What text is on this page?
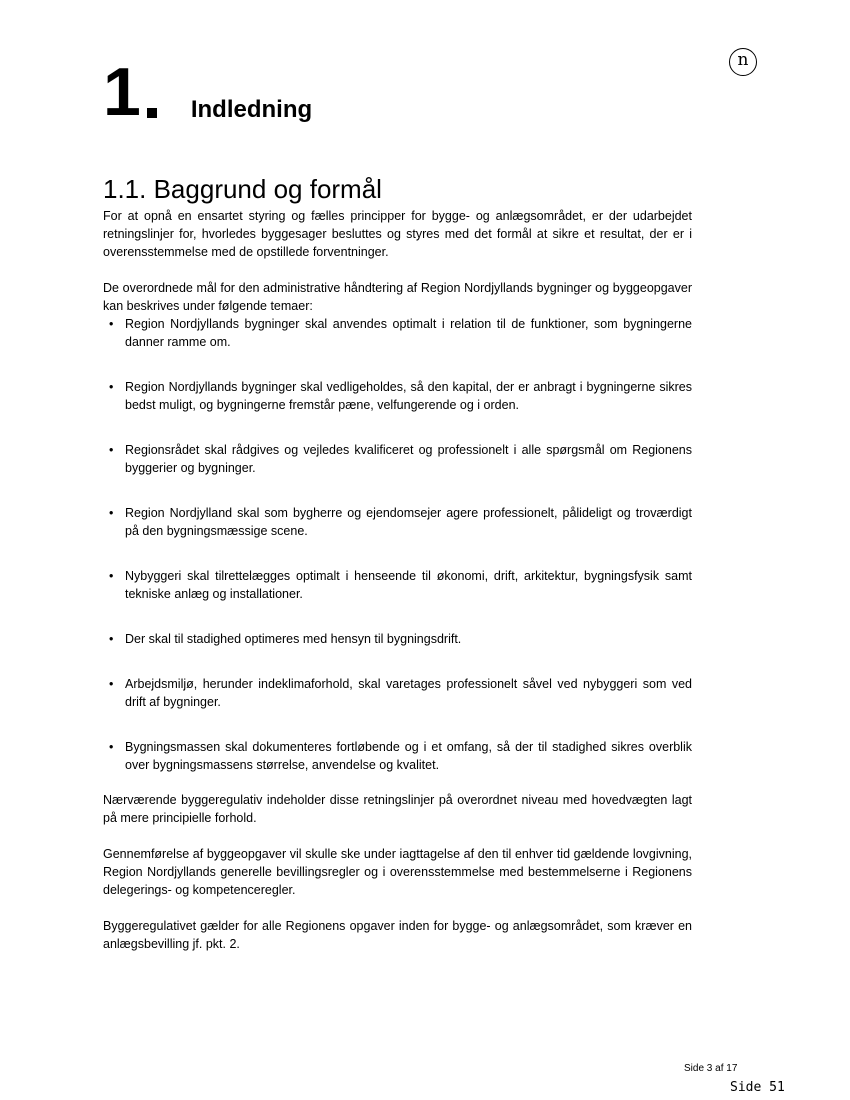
n
1 Indledning
1.1. Baggrund og formål

For at opnå en ensartet styring og fælles principper for bygge- og anlægsområdet, er der udarbejdet retningslinjer for, hvorledes byggesager besluttes og styres med det formål at sikre et resultat, der er i overensstemmelse med de opstillede forventninger.

De overordnede mål for den administrative håndtering af Region Nordjyllands bygninger og byggeopgaver kan beskrives under følgende temaer:

• Region Nordjyllands bygninger skal anvendes optimalt i relation til de funktioner, som bygningerne danner ramme om.
• Region Nordjyllands bygninger skal vedligeholdes, så den kapital, der er anbragt i bygningerne sikres bedst muligt, og bygningerne fremstår pæne, velfungerende og i orden.
• Regionsrådet skal rådgives og vejledes kvalificeret og professionelt i alle spørgsmål om Regionens byggerier og bygninger.
• Region Nordjylland skal som bygherre og ejendomsejer agere professionelt, pålideligt og troværdigt på den bygningsmæssige scene.
• Nybyggeri skal tilrettelægges optimalt i henseende til økonomi, drift, arkitektur, bygningsfysik samt tekniske anlæg og installationer.
• Der skal til stadighed optimeres med hensyn til bygningsdrift.
• Arbejdsmiljø, herunder indeklimaforhold, skal varetages professionelt såvel ved nybyggeri som ved drift af bygninger.
• Bygningsmassen skal dokumenteres fortløbende og i et omfang, så der til stadighed sikres overblik over bygningsmassens størrelse, anvendelse og kvalitet.

Nærværende byggeregulativ indeholder disse retningslinjer på overordnet niveau med hovedvægten lagt på mere principielle forhold.

Gennemførelse af byggeopgaver vil skulle ske under iagttagelse af den til enhver tid gældende lovgivning, Region Nordjyllands generelle bevillingsregler og i overensstemmelse med bestemmelserne i Regionens delegerings- og kompetenceregler.

Byggeregulativet gælder for alle Regionens opgaver inden for bygge- og anlægsområdet, som kræver en anlægsbevilling jf. pkt. 2.

Side 3 af 17
Side 51
